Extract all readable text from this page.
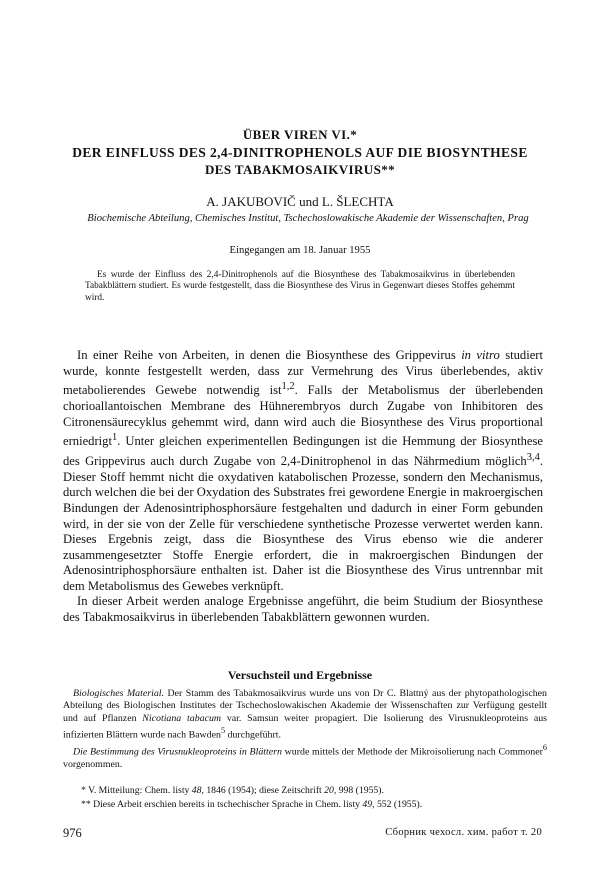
ÜBER VIREN VI.*
DER EINFLUSS DES 2,4-DINITROPHENOLS AUF DIE BIOSYNTHESE
DES TABAKMOSAIKVIRUS**
A. JAKUBOVIČ und L. ŠLECHTA
Biochemische Abteilung, Chemisches Institut, Tschechoslowakische Akademie der Wissenschaften, Prag
Eingegangen am 18. Januar 1955

Es wurde der Einfluss des 2,4-Dinitrophenols auf die Biosynthese des Tabakmosaikvirus in überlebenden Tabakblättern studiert. Es wurde festgestellt, dass die Biosynthese des Virus in Gegenwart dieses Stoffes gehemmt wird.

In einer Reihe von Arbeiten, in denen die Biosynthese des Grippevirus in vitro studiert wurde, konnte festgestellt werden, dass zur Vermehrung des Virus überlebendes, aktiv metabolierendes Gewebe notwendig ist$^{1,2}$. Falls der Metabolismus der überlebenden chorioallantoischen Membrane des Hühnerembryos durch Zugabe von Inhibitoren des Citronensäurecyklus gehemmt wird, dann wird auch die Biosynthese des Virus proportional erniedrigt$^1$. Unter gleichen experimentellen Bedingungen ist die Hemmung der Biosynthese des Grippevirus auch durch Zugabe von 2,4-Dinitrophenol in das Nährmedium möglich$^{3,4}$. Dieser Stoff hemmt nicht die oxydativen katabolischen Prozesse, sondern den Mechanismus, durch welchen die bei der Oxydation des Substrates frei gewordene Energie in makroergischen Bindungen der Adenosintriphosphorsäure festgehalten und dadurch in einer Form gebunden wird, in der sie von der Zelle für verschiedene synthetische Prozesse verwertet werden kann. Dieses Ergebnis zeigt, dass die Biosynthese des Virus ebenso wie die anderer zusammengesetzter Stoffe Energie erfordert, die in makroergischen Bindungen der Adenosintriphosphorsäure enthalten ist. Daher ist die Biosynthese des Virus untrennbar mit dem Metabolismus des Gewebes verknüpft.

In dieser Arbeit werden analoge Ergebnisse angeführt, die beim Studium der Biosynthese des Tabakmosaikvirus in überlebenden Tabakblättern gewonnen wurden.

Versuchsteil und Ergebnisse

Biologisches Material. Der Stamm des Tabakmosaikvirus wurde uns von Dr C. Blattný aus der phytopathologischen Abteilung des Biologischen Institutes der Tschechoslowakischen Akademie der Wissenschaften zur Verfügung gestellt und auf Pflanzen Nicotiana tabacum var. Samsun weiter propagiert. Die Isolierung des Virusnukleoproteins aus infizierten Blättern wurde nach Bawden$^5$ durchgeführt.

Die Bestimmung des Virusnukleoproteins in Blättern wurde mittels der Methode der Mikroisolierung nach Commoner$^6$ vorgenommen.

* V. Mitteilung: Chem. listy 48, 1846 (1954); diese Zeitschrift 20, 998 (1955).

** Diese Arbeit erschien bereits in tschechischer Sprache in Chem. listy 49, 552 (1955).

976	Сборник чехосл. хим. работ т. 20
